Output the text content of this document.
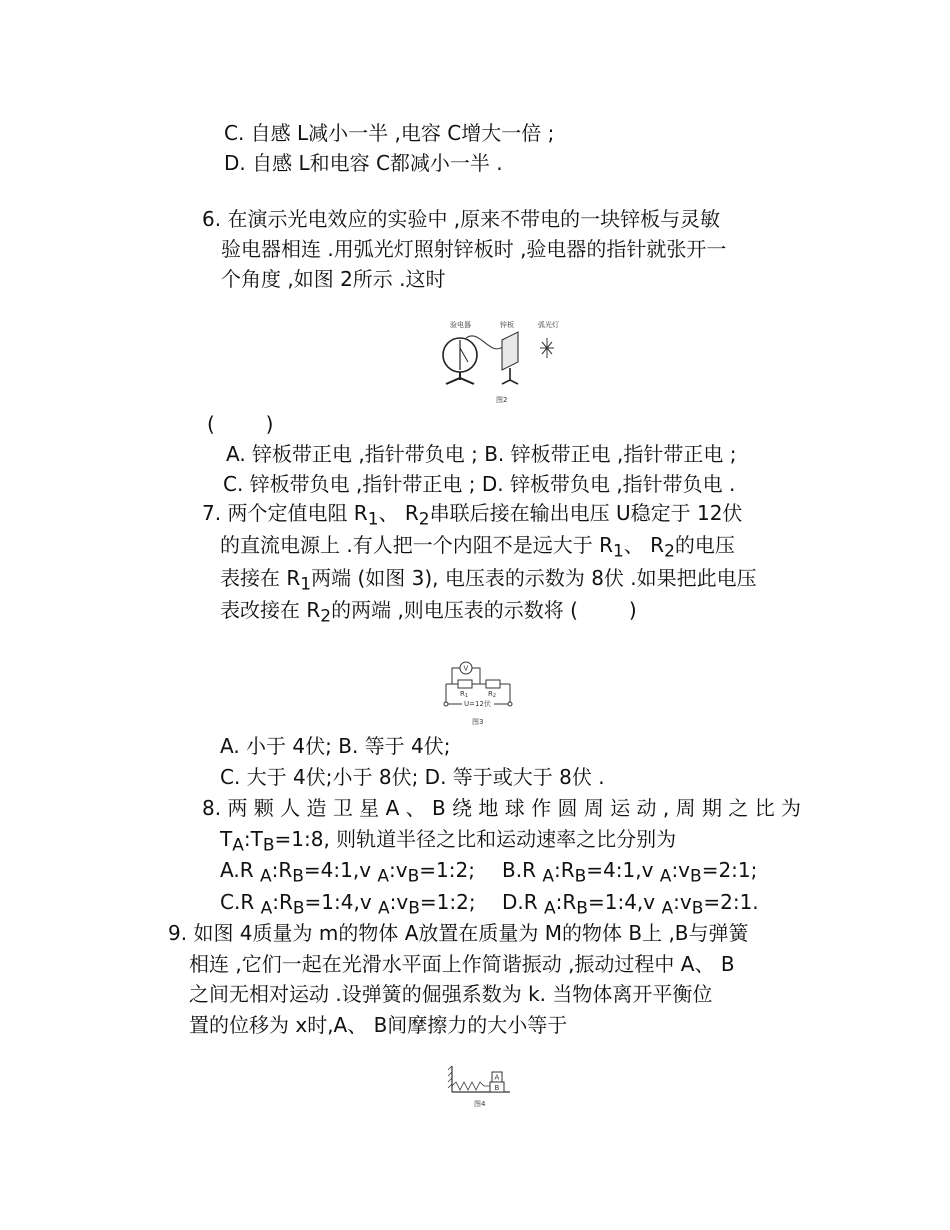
C. 自感 L减小一半 ,电容 C增大一倍 ;
D. 自感 L和电容 C都减小一半 .
6. 在演示光电效应的实验中 ,原来不带电的一块锌板与灵敏
验电器相连 .用弧光灯照射锌板时 ,验电器的指针就张开一
个角度 ,如图 2所示 .这时
验电器	锌板	弧光灯
图2
(        )
A. 锌板带正电 ,指针带负电 ; B. 锌板带正电 ,指针带正电 ;
C. 锌板带负电 ,指针带正电 ; D. 锌板带负电 ,指针带负电 .
7. 两个定值电阻 $R_1$、 $R_2$串联后接在输出电压 U稳定于 12伏
的直流电源上 .有人把一个内阻不是远大于 $R_1$、 $R_2$的电压
表接在 $R_1$两端 (如图 3), 电压表的示数为 8伏 .如果把此电压
表改接在 $R_2$的两端 ,则电压表的示数将 (        )
V
R1	R2
U=12伏
图3
A. 小于 4伏; B. 等于 4伏;
C. 大于 4伏;小于 8伏; D. 等于或大于 8伏 .
8. 两 颗 人 造 卫 星 A 、 B 绕 地 球 作 圆 周 运 动 , 周 期 之 比 为
$T_A:T_B=1:8$, 则轨道半径之比和运动速率之比分别为
A.R $_A:R_B=4:1,v$ $_A:v_B=1:2$; B.R $_A:R_B=4:1,v$ $_A:v_B=2:1$;
C.R $_A:R_B=1:4,v$ $_A:v_B=1:2$; D.R $_A:R_B=1:4,v$ $_A:v_B=2:1$.
9. 如图 4质量为 m的物体 A放置在质量为 M的物体 B上 ,B与弹簧
相连 ,它们一起在光滑水平面上作简谐振动 ,振动过程中 A、 B
之间无相对运动 .设弹簧的倔强系数为 k. 当物体离开平衡位
置的位移为 x时,A、 B间摩擦力的大小等于
A
B
图4
